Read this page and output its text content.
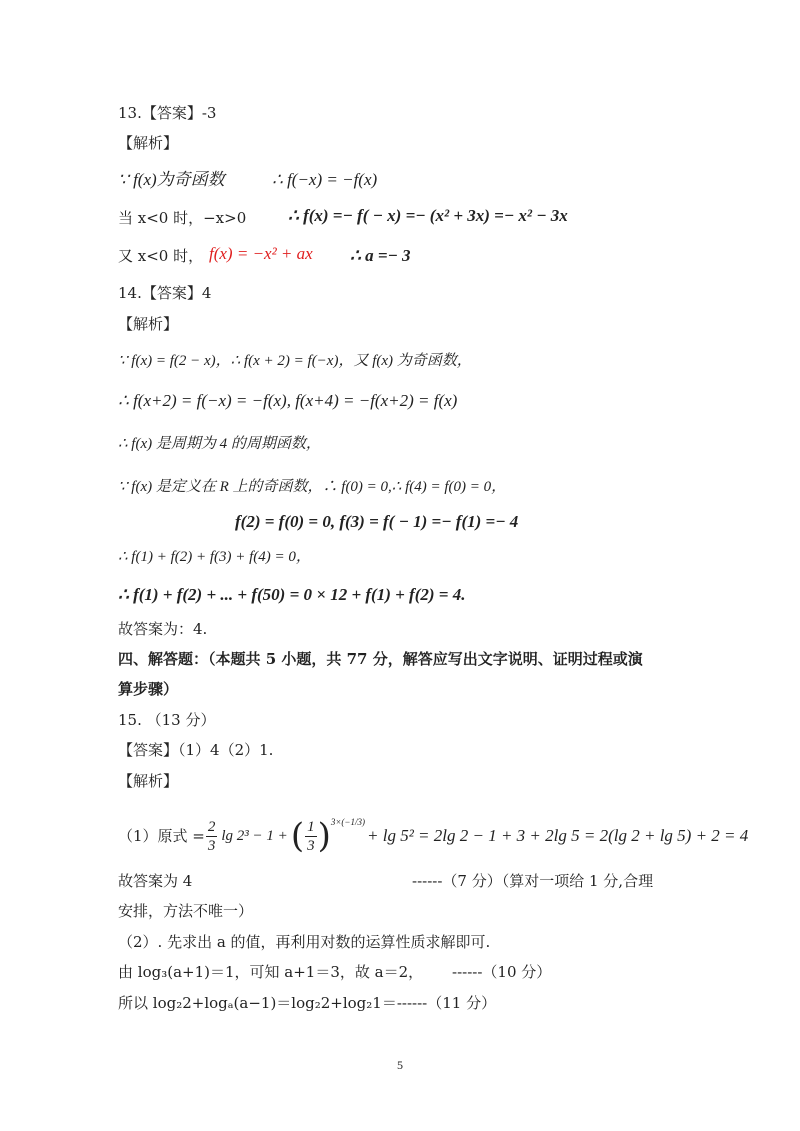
13.【答案】-3
【解析】
∵ f(x)为奇函数	∴ f(−x) = −f(x)
当 x<0 时，−x>0 ∴ f(x) =− f( − x) =− (x² + 3x) =− x² − 3x
又 x<0 时， f(x) = −x² + ax ∴ a =− 3
14.【答案】4
【解析】
∵ f(x) = f(2 − x)，∴ f(x + 2) = f(−x)，又 f(x) 为奇函数，
∴ f(x+2) = f(−x) = −f(x), f(x+4) = −f(x+2) = f(x)
∴ f(x) 是周期为 4 的周期函数，
∵ f(x) 是定义在 R 上的奇函数，∴ f(0) = 0,∴ f(4) = f(0) = 0，
f(2) = f(0) = 0, f(3) = f( − 1) =− f(1) =− 4
∴ f(1) + f(2) + f(3) + f(4) = 0，
∴ f(1) + f(2) + ... + f(50) = 0 × 12 + f(1) + f(2) = 4.
故答案为：4.
四、解答题：（本题共 5 小题，共 77 分，解答应写出文字说明、证明过程或演
算步骤）
15. （13 分）
【答案】（1）4（2）1.
【解析】
（1）原式 = $\frac{2}{3}$ lg 2³ − 1 + ( $\frac{1}{3}$ ) 3×(−1/3)
+ lg 5² = 2lg 2 − 1 + 3 + 2lg 5 = 2(lg 2 + lg 5) + 2 = 4
故答案为 4	------（7 分）（算对一项给 1 分,合理
安排，方法不唯一）
（2）. 先求出 a 的值，再利用对数的运算性质求解即可.
由 log₃(a+1)＝1，可知 a+1＝3，故 a＝2， ------（10 分）
所以 log₂2+logₐ(a−1)＝log₂2+log₂1＝------（11 分）
5
